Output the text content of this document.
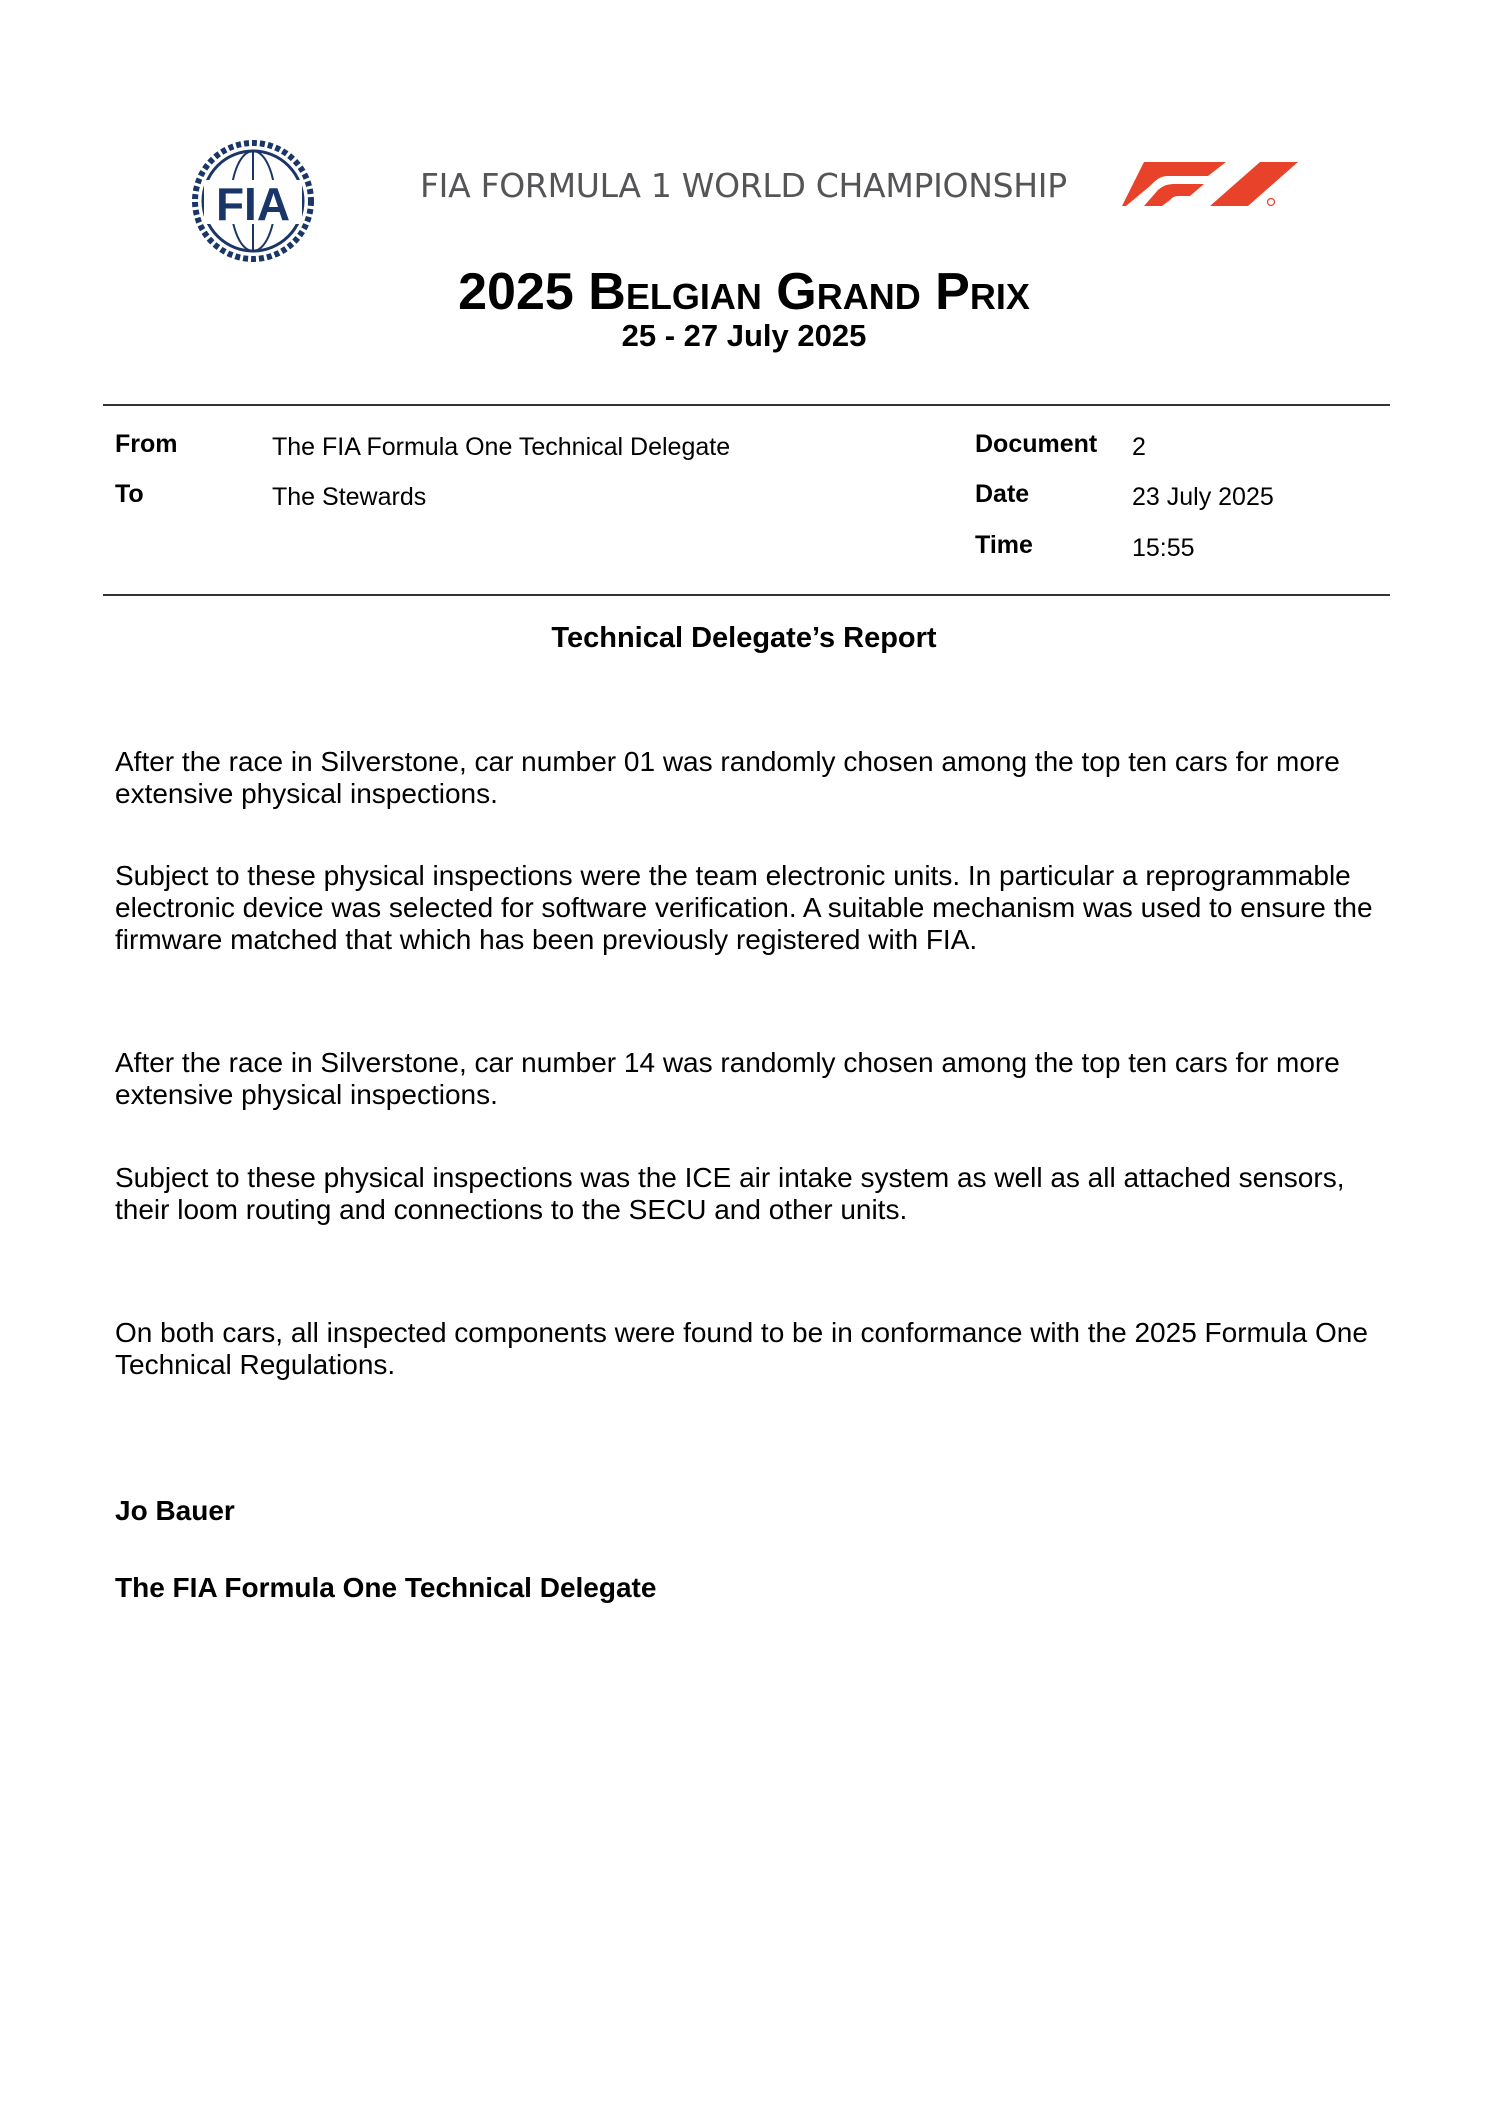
FIA	FIA FORMULA 1 WORLD CHAMPIONSHIP
2025 Belgian Grand Prix
25 - 27 July 2025
From	The FIA Formula One Technical Delegate
To	The Stewards
Document 2
Date	23 July 2025
Time	15:55
Technical Delegate’s Report

After the race in Silverstone, car number 01 was randomly chosen among the top ten cars for more extensive physical inspections.

Subject to these physical inspections were the team electronic units. In particular a reprogrammable electronic device was selected for software verification. A suitable mechanism was used to ensure the firmware matched that which has been previously registered with FIA.

After the race in Silverstone, car number 14 was randomly chosen among the top ten cars for more extensive physical inspections.

Subject to these physical inspections was the ICE air intake system as well as all attached sensors, their loom routing and connections to the SECU and other units.

On both cars, all inspected components were found to be in conformance with the 2025 Formula One Technical Regulations.

Jo Bauer
The FIA Formula One Technical Delegate
